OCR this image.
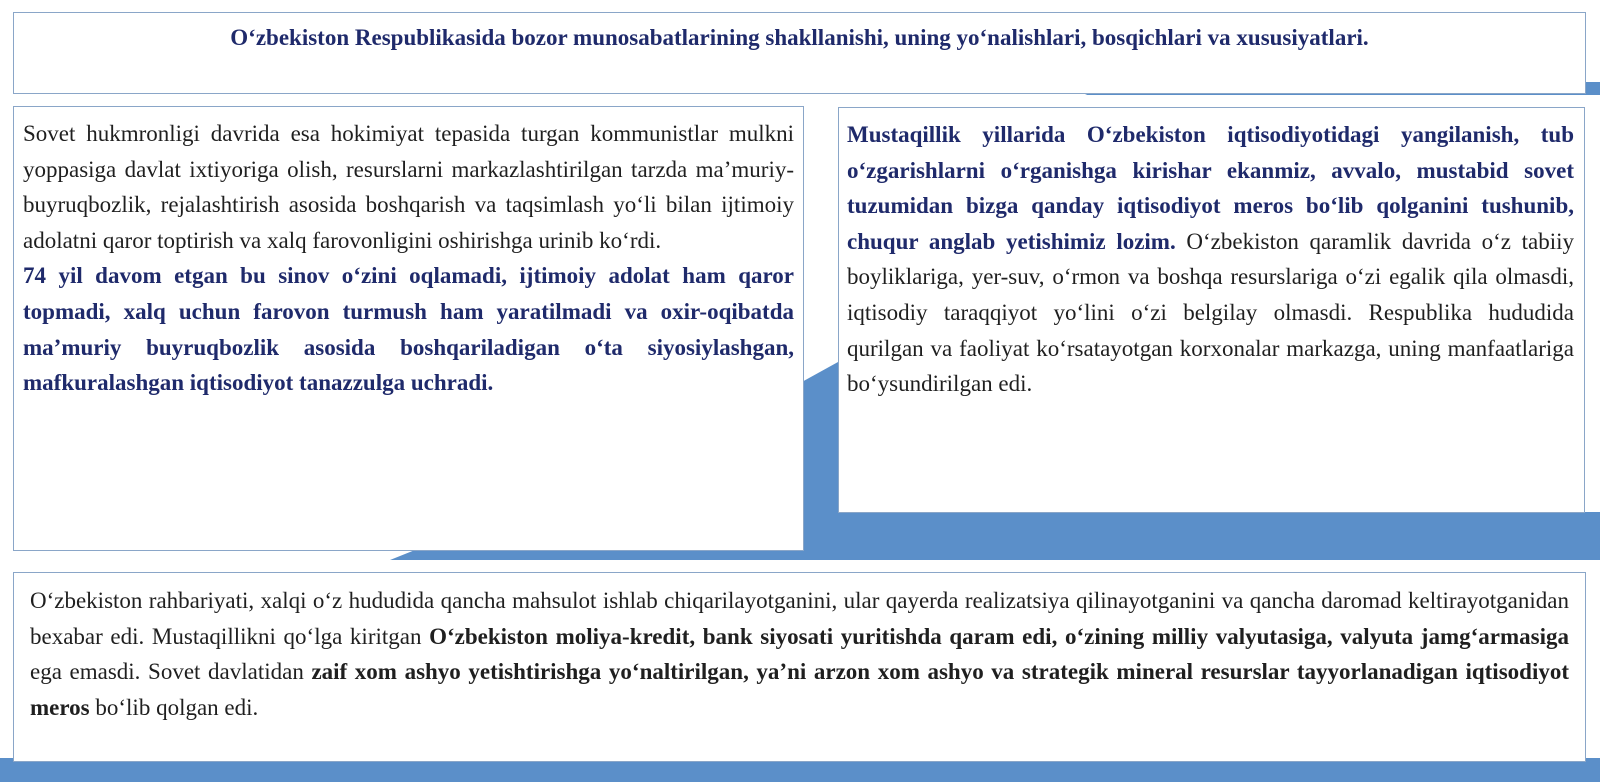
O‘zbekiston Respublikasida bozor munosabatlarining shakllanishi, uning yo‘nalishlari, bosqichlari va xususiyatlari.

Sovet hukmronligi davrida esa hokimiyat tepasida turgan kommunistlar mulkni yoppasiga davlat ixtiyoriga olish, resurslarni markazlashtirilgan tarzda ma’muriy-buyruqbozlik, rejalashtirish asosida boshqarish va taqsimlash yo‘li bilan ijtimoiy adolatni qaror toptirish va xalq farovonligini oshirishga urinib ko‘rdi.

74 yil davom etgan bu sinov o‘zini oqlamadi, ijtimoiy adolat ham qaror topmadi, xalq uchun farovon turmush ham yaratilmadi va oxir-oqibatda ma’muriy buyruqbozlik asosida boshqariladigan o‘ta siyosiylashgan, mafkuralashgan iqtisodiyot tanazzulga uchradi.

Mustaqillik yillarida O‘zbekiston iqtisodiyotidagi yangilanish, tub o‘zgarishlarni o‘rganishga kirishar ekanmiz, avvalo, mustabid sovet tuzumidan bizga qanday iqtisodiyot meros bo‘lib qolganini tushunib, chuqur anglab yetishimiz lozim. O‘zbekiston qaramlik davrida o‘z tabiiy boyliklariga, yer-suv, o‘rmon va boshqa resurslariga o‘zi egalik qila olmasdi, iqtisodiy taraqqiyot yo‘lini o‘zi belgilay olmasdi. Respublika hududida qurilgan va faoliyat ko‘rsatayotgan korxonalar markazga, uning manfaatlariga bo‘ysundirilgan edi.

O‘zbekiston rahbariyati, xalqi o‘z hududida qancha mahsulot ishlab chiqarilayotganini, ular qayerda realizatsiya qilinayotganini va qancha daromad keltirayotganidan bexabar edi. Mustaqillikni qo‘lga kiritgan O‘zbekiston moliya-kredit, bank siyosati yuritishda qaram edi, o‘zining milliy valyutasiga, valyuta jamg‘armasiga ega emasdi. Sovet davlatidan zaif xom ashyo yetishtirishga yo‘naltirilgan, ya’ni arzon xom ashyo va strategik mineral resurslar tayyorlanadigan iqtisodiyot meros bo‘lib qolgan edi.
